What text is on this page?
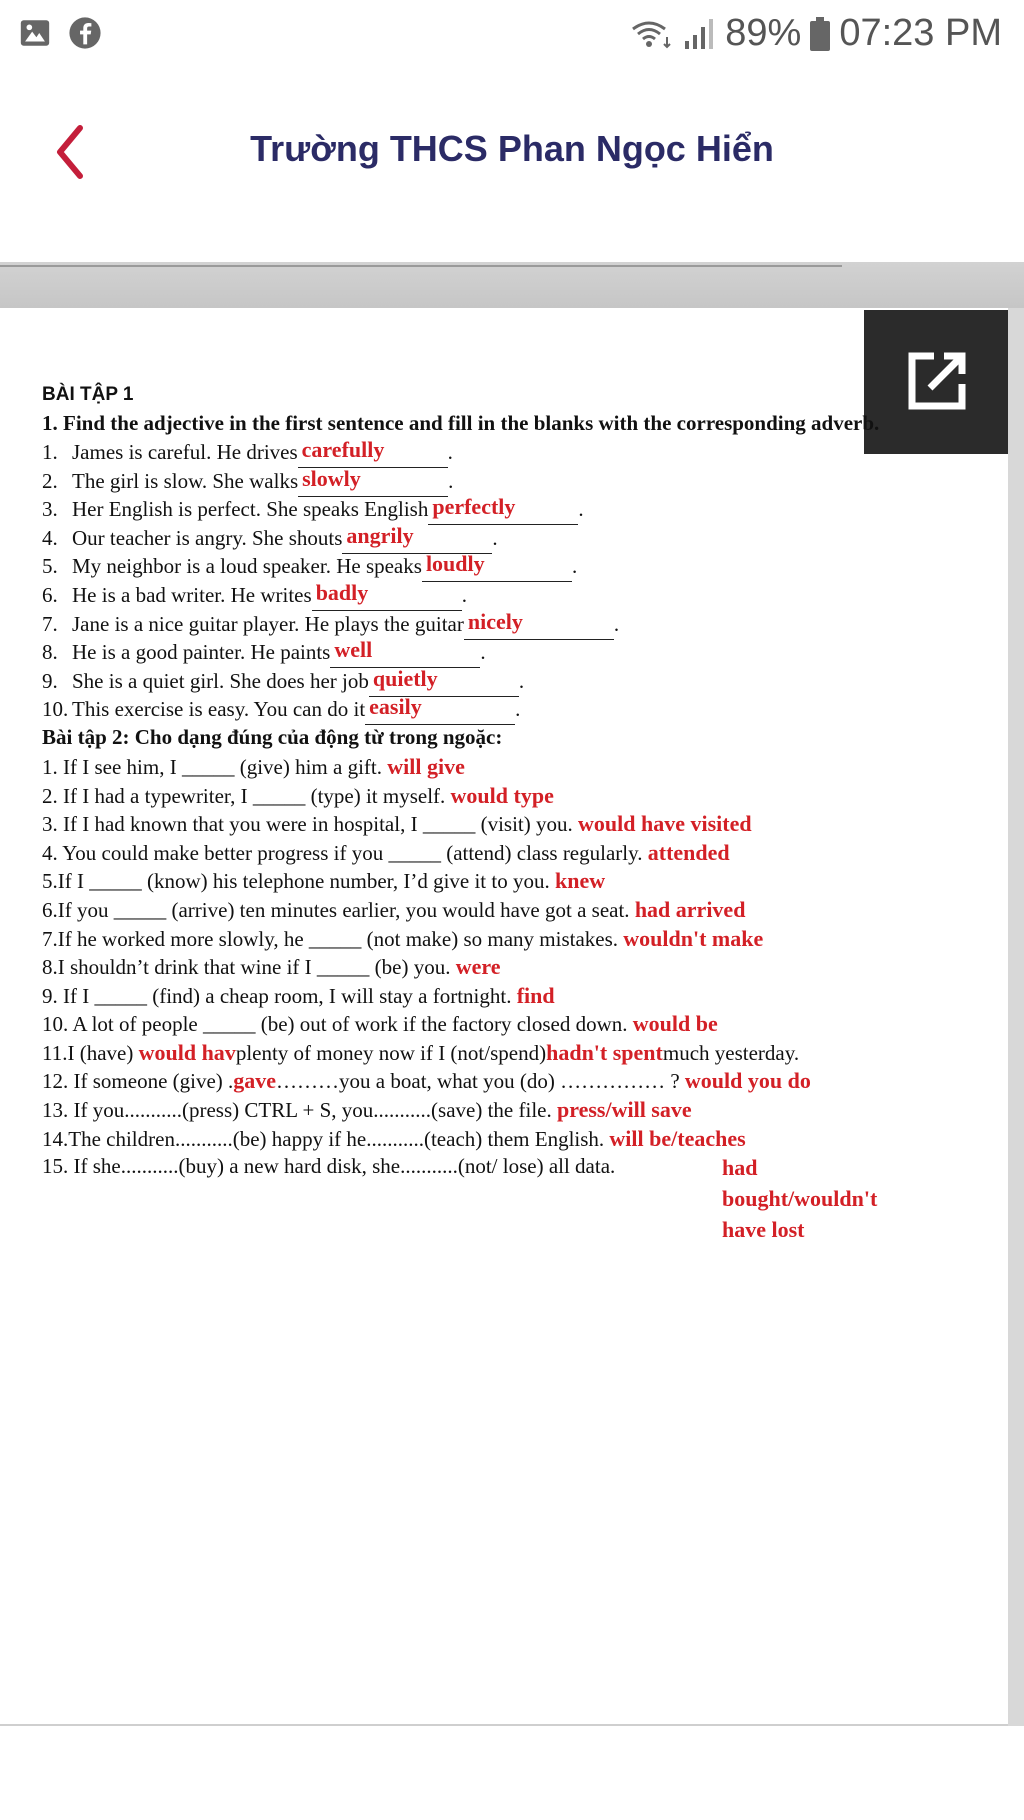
89% 07:23 PM
Trường THCS Phan Ngọc Hiển

BÀI TẬP 1

1. Find the adjective in the first sentence and fill in the blanks with the corresponding adverb.

1. James is careful. He drives carefully	.
2. The girl is slow. She walks slowly	.
3. Her English is perfect. She speaks English perfectly	.
4. Our teacher is angry. She shouts angrily	.
5. My neighbor is a loud speaker. He speaks loudly	.
6. He is a bad writer. He writes badly	.
7. Jane is a nice guitar player. He plays the guitar nicely	.
8. He is a good painter. He paints well	.
9. She is a quiet girl. She does her job quietly	.
10. This exercise is easy. You can do it easily	.

Bài tập 2: Cho dạng đúng của động từ trong ngoặc:

1. If I see him, I _____ (give) him a gift. will give
2. If I had a typewriter, I _____ (type) it myself. would type
3. If I had known that you were in hospital, I _____ (visit) you. would have visited
4. You could make better progress if you _____ (attend) class regularly. attended
5.If I _____ (know) his telephone number, I’d give it to you. knew
6.If you _____ (arrive) ten minutes earlier, you would have got a seat. had arrived
7.If he worked more slowly, he _____ (not make) so many mistakes. wouldn't make
8.I shouldn’t drink that wine if I _____ (be) you. were
9. If I _____ (find) a cheap room, I will stay a fortnight. find
10. A lot of people _____ (be) out of work if the factory closed down. would be
11.I (have) would havplenty of money now if I (not/spend)hadn't spentmuch yesterday.
12. If someone (give) .gave………you a boat, what you (do) …………… ? would you do
13. If you...........(press) CTRL + S, you...........(save) the file. press/will save
14.The children...........(be) happy if he...........(teach) them English. will be/teaches
15. If she...........(buy) a new hard disk, she...........(not/ lose) all data.	had
bought/wouldn't
have lost
